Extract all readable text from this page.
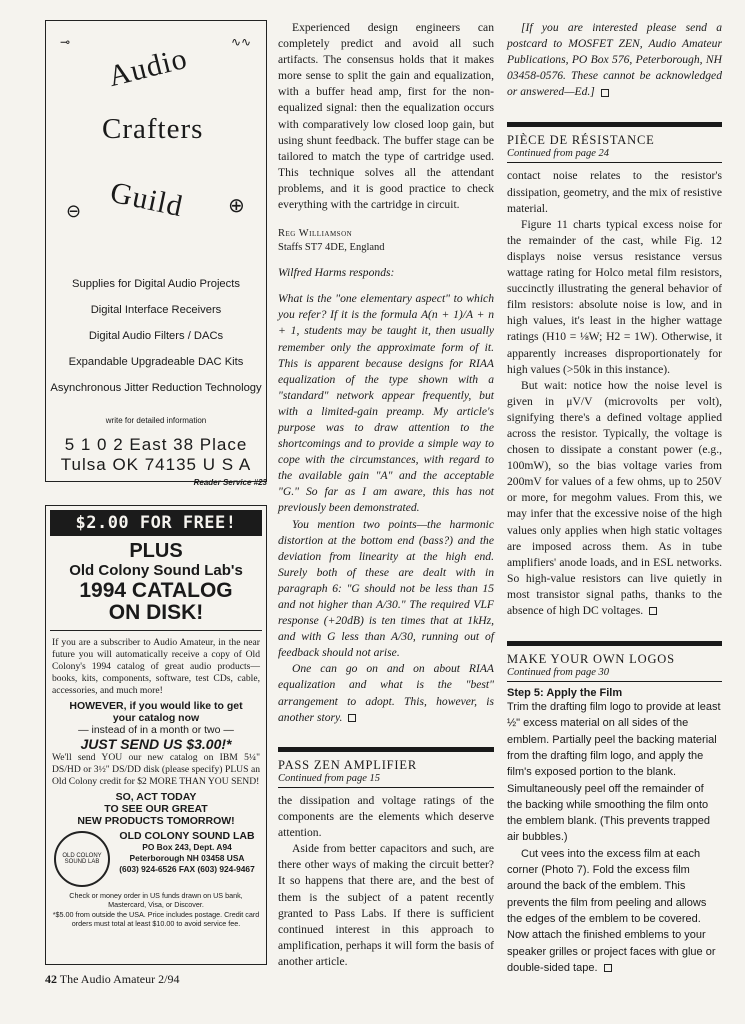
⊸	∿∿
Audio
Crafters
Guild
⊖	⊕
Supplies for Digital Audio Projects
Digital Interface Receivers
Digital Audio Filters / DACs
Expandable Upgradeable DAC Kits
Asynchronous Jitter Reduction Technology
write for detailed information
5 1 0 2 East 38 Place
Tulsa OK 74135 U S A
Reader Service #23
$2.00 FOR FREE!
PLUS
Old Colony Sound Lab's
1994 CATALOG
ON DISK!

If you are a subscriber to Audio Amateur, in the near future you will automatically receive a copy of Old Colony's 1994 catalog of great audio products—books, kits, components, software, test CDs, cable, accessories, and much more!

HOWEVER, if you would like to get
your catalog now
— instead of in a month or two —
JUST SEND US $3.00!*

We'll send YOU our new catalog on IBM 5¼" DS/HD or 3½" DS/DD disk (please specify) PLUS an Old Colony credit for $2 MORE THAN YOU SEND!

SO, ACT TODAY
TO SEE OUR GREAT
NEW PRODUCTS TOMORROW!
OLD COLONY SOUND LAB
OLD COLONY SOUND LAB
PO Box 243, Dept. A94
Peterborough NH 03458 USA
(603) 924-6526 FAX (603) 924-9467
Check or money order in US funds drawn on US bank, Mastercard, Visa, or Discover.
*$5.00 from outside the USA. Price includes postage. Credit card orders must total at least $10.00 to avoid service fee.

Experienced design engineers can completely predict and avoid all such artifacts. The consensus holds that it makes more sense to split the gain and equalization, with a buffer head amp, first for the non-equalized signal: then the equalization occurs with comparatively low closed loop gain, but using shunt feedback. The buffer stage can be tailored to match the type of cartridge used. This technique solves all the attendant problems, and it is good practice to check everything with the cartridge in circuit.

Reg Williamson
Staffs ST7 4DE, England

Wilfred Harms responds:

What is the "one elementary aspect" to which you refer? If it is the formula A(n + 1)/A + n + 1, students may be taught it, then usually remember only the approximate form of it. This is apparent because designs for RIAA equalization of the type shown with a "standard" network appear frequently, but with a limited-gain preamp. My article's purpose was to draw attention to the shortcomings and to provide a simple way to cope with the circumstances, with regard to the available gain "A" and the acceptable "G." So far as I am aware, this has not previously been demonstrated.

You mention two points—the harmonic distortion at the bottom end (bass?) and the deviation from linearity at the high end. Surely both of these are dealt with in paragraph 6: "G should not be less than 15 and not higher than A/30." The required VLF response (+20dB) is ten times that at 1kHz, and with G less than A/30, running out of feedback should not arise.

One can go on and on about RIAA equalization and what is the "best" arrangement to adopt. This, however, is another story.

PASS ZEN AMPLIFIER
Continued from page 15

the dissipation and voltage ratings of the components are the elements which deserve attention.

Aside from better capacitors and such, are there other ways of making the circuit better? It so happens that there are, and the best of them is the subject of a patent recently granted to Pass Labs. If there is sufficient continued interest in this approach to amplification, perhaps it will form the basis of another article.

[If you are interested please send a postcard to MOSFET ZEN, Audio Amateur Publications, PO Box 576, Peterborough, NH 03458-0576. These cannot be acknowledged or answered—Ed.]

PIÈCE DE RÉSISTANCE
Continued from page 24

contact noise relates to the resistor's dissipation, geometry, and the mix of resistive material.

Figure 11 charts typical excess noise for the remainder of the cast, while Fig. 12 displays noise versus resistance versus wattage rating for Holco metal film resistors, succinctly illustrating the general behavior of film resistors: absolute noise is low, and in high values, it's least in the higher wattage ratings (H10 = ⅛W; H2 = 1W). Otherwise, it apparently increases disproportionately for high values (>50k in this instance).

But wait: notice how the noise level is given in μV/V (microvolts per volt), signifying there's a defined voltage applied across the resistor. Typically, the voltage is chosen to dissipate a constant power (e.g., 100mW), so the bias voltage varies from 200mV for values of a few ohms, up to 250V or more, for megohm values. From this, we may infer that the excessive noise of the high values only applies when high static voltages are imposed across them. As in tube amplifiers' anode loads, and in ESL networks. So high-value resistors can live quietly in most transistor signal paths, thanks to the absence of high DC voltages.

MAKE YOUR OWN LOGOS
Continued from page 30
Step 5: Apply the Film

Trim the drafting film logo to provide at least ½" excess material on all sides of the emblem. Partially peel the backing material from the drafting film logo, and apply the film's exposed portion to the blank. Simultaneously peel off the remainder of the backing while smoothing the film onto the emblem blank. (This prevents trapped air bubbles.)

Cut vees into the excess film at each corner (Photo 7). Fold the excess film around the back of the emblem. This prevents the film from peeling and allows the edges of the emblem to be covered. Now attach the finished emblems to your speaker grilles or project faces with glue or double-sided tape.

42 The Audio Amateur 2/94
